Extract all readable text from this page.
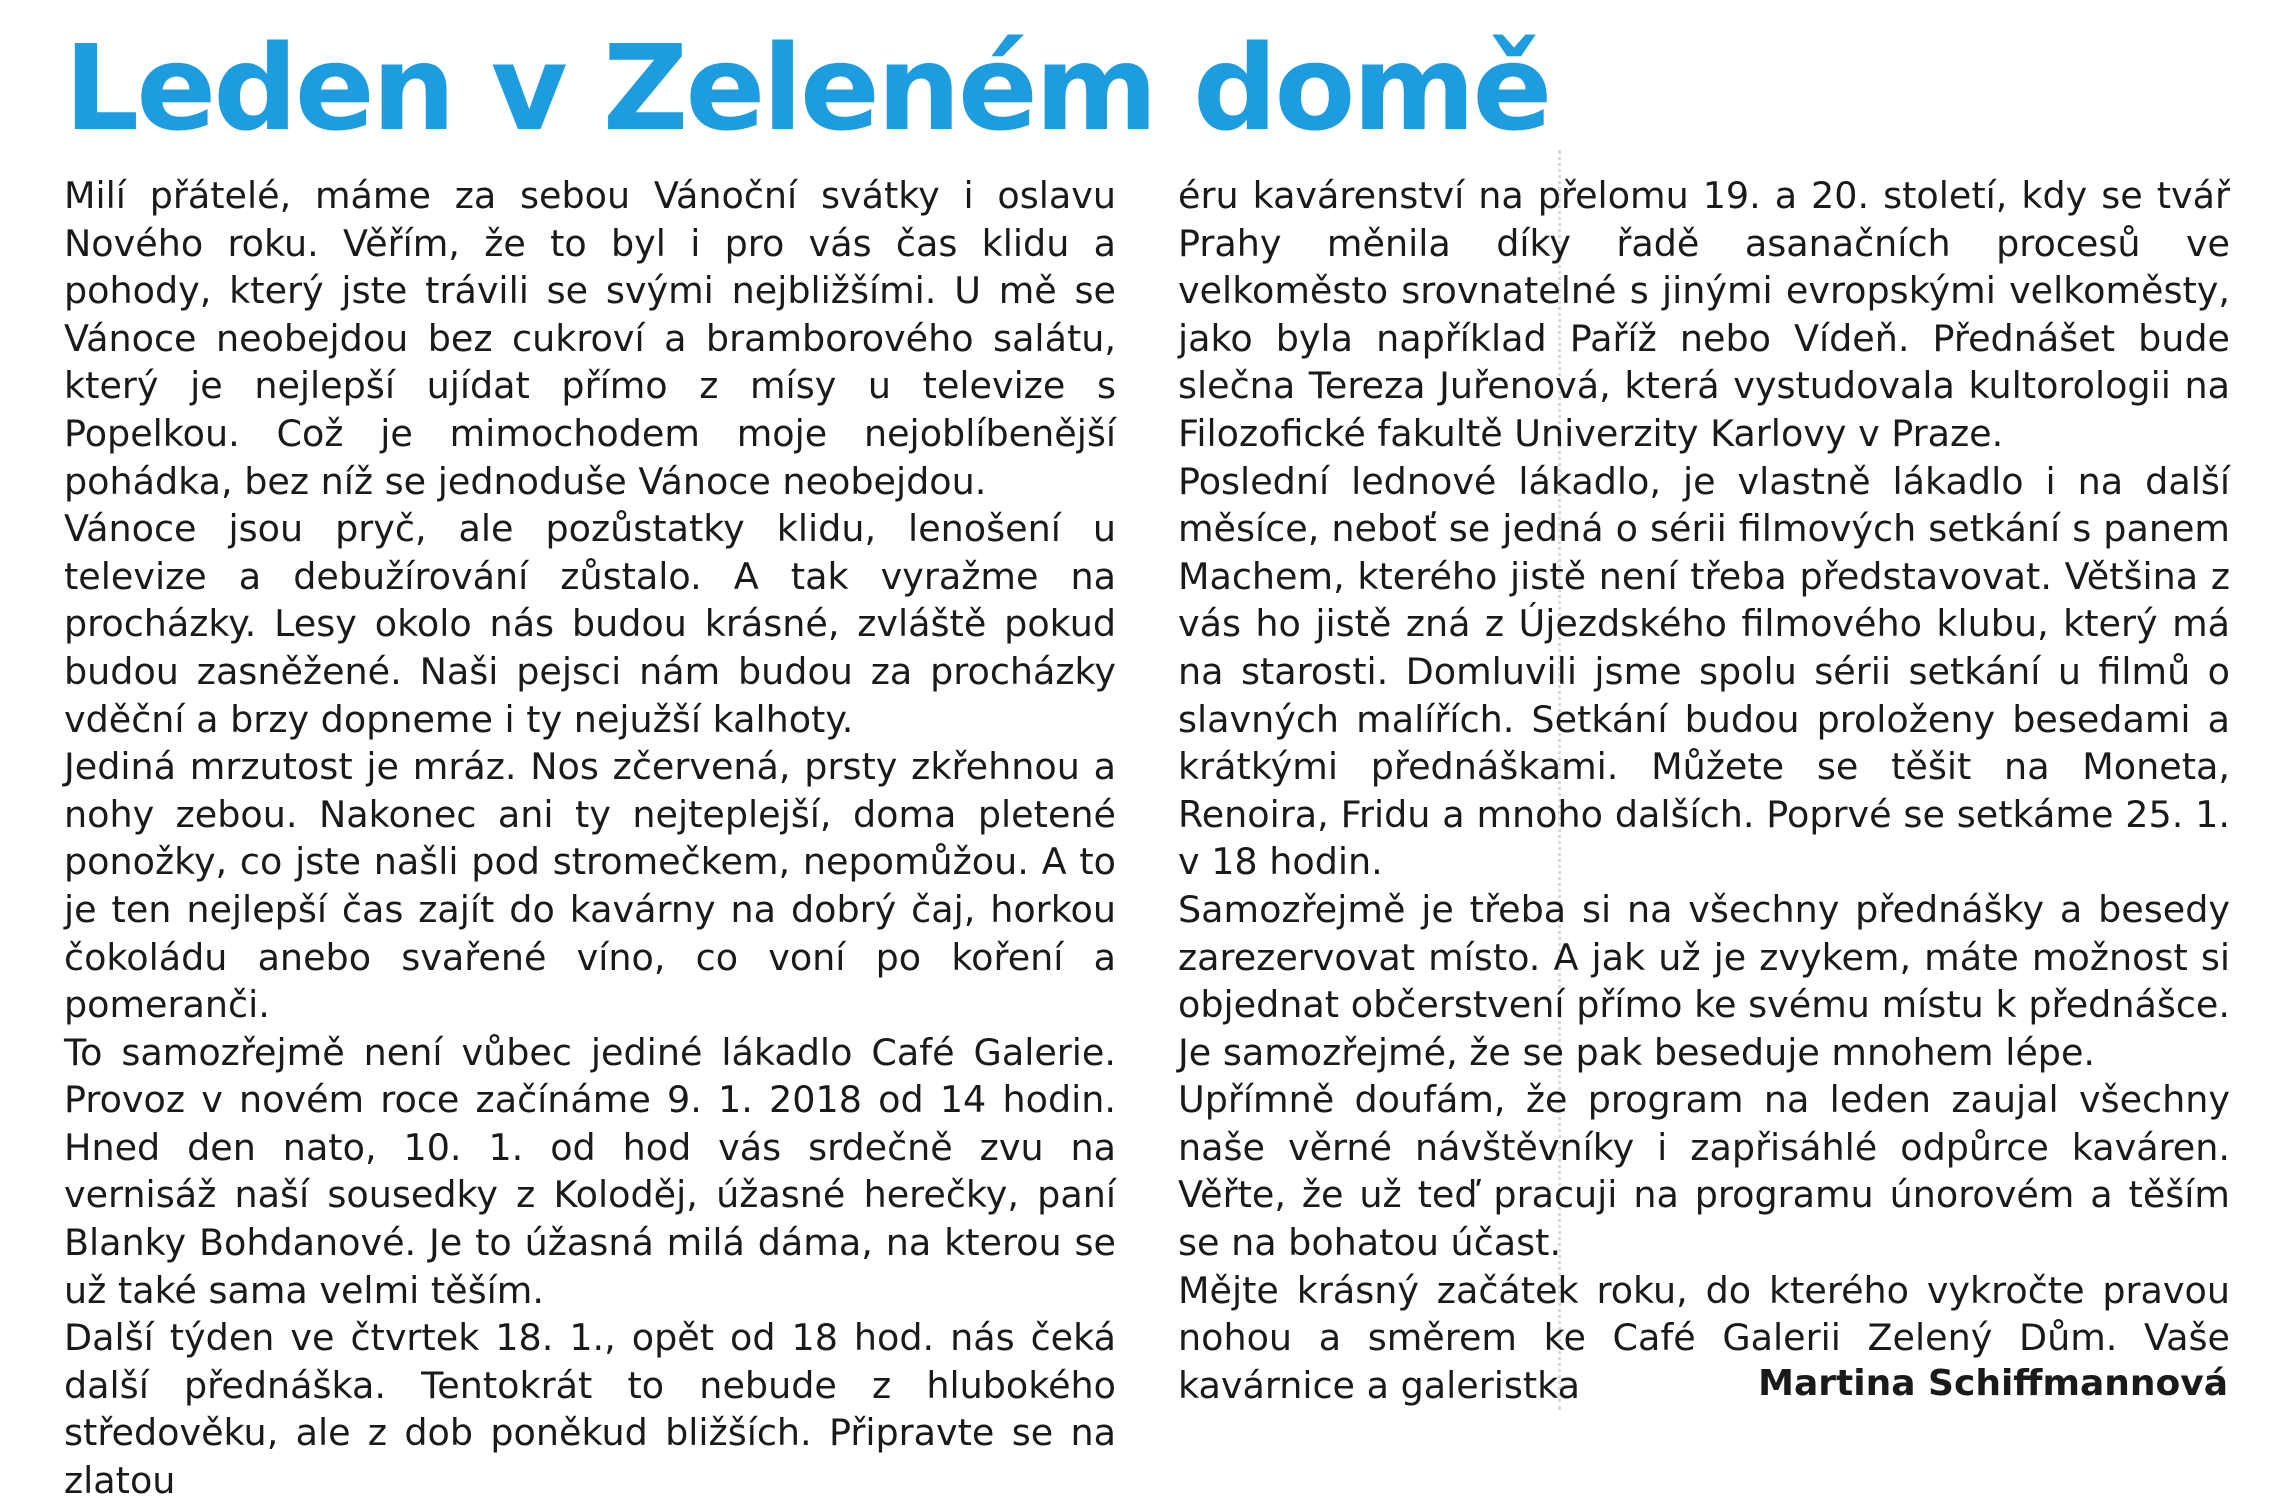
Leden v Zeleném domě

Milí přátelé, máme za sebou Vánoční svátky i oslavu Nového roku. Věřím, že to byl i pro vás čas klidu a pohody, který jste trávili se svými nejbližšími. U mě se Vánoce neobejdou bez cukroví a bramborového salátu, který je nejlepší ujídat přímo z mísy u televize s Popelkou. Což je mimochodem moje nejoblíbenější pohádka, bez níž se jednoduše Vánoce neobejdou.

Vánoce jsou pryč, ale pozůstatky klidu, lenošení u televize a debužírování zůstalo. A tak vyražme na procházky. Lesy okolo nás budou krásné, zvláště pokud budou zasněžené. Naši pejsci nám budou za procházky vděční a brzy dopneme i ty nejužší kalhoty.

Jediná mrzutost je mráz. Nos zčervená, prsty zkřehnou a nohy zebou. Nakonec ani ty nejteplejší, doma pletené ponožky, co jste našli pod stromečkem, nepomůžou. A to je ten nejlepší čas zajít do kavárny na dobrý čaj, horkou čokoládu anebo svařené víno, co voní po koření a pomeranči.

To samozřejmě není vůbec jediné lákadlo Café Galerie. Provoz v novém roce začínáme 9. 1. 2018 od 14 hodin. Hned den nato, 10. 1. od hod vás srdečně zvu na vernisáž naší sousedky z Koloděj, úžasné herečky, paní Blanky Bohdanové. Je to úžasná milá dáma, na kterou se už také sama velmi těším.

Další týden ve čtvrtek 18. 1., opět od 18 hod. nás čeká další přednáška. Tentokrát to nebude z hlubokého středověku, ale z dob poněkud bližších. Připravte se na zlatou

éru kavárenství na přelomu 19. a 20. století, kdy se tvář Prahy měnila díky řadě asanačních procesů ve velkoměsto srovnatelné s jinými evropskými velkoměsty, jako byla například Paříž nebo Vídeň. Přednášet bude slečna Tereza Juřenová, která vystudovala kultorologii na Filozofické fakultě Univerzity Karlovy v Praze.

Poslední lednové lákadlo, je vlastně lákadlo i na další měsíce, neboť se jedná o sérii filmových setkání s panem Machem, kterého jistě není třeba představovat. Většina z vás ho jistě zná z Újezdského filmového klubu, který má na starosti. Domluvili jsme spolu sérii setkání u filmů o slavných malířích. Setkání budou proloženy besedami a krátkými přednáškami. Můžete se těšit na Moneta, Renoira, Fridu a mnoho dalších. Poprvé se setkáme 25. 1. v 18 hodin.

Samozřejmě je třeba si na všechny přednášky a besedy zarezervovat místo. A jak už je zvykem, máte možnost si objednat občerstvení přímo ke svému místu k přednášce. Je samozřejmé, že se pak beseduje mnohem lépe.

Upřímně doufám, že program na leden zaujal všechny naše věrné návštěvníky i zapřisáhlé odpůrce kaváren. Věřte, že už teď pracuji na programu únorovém a těším se na bohatou účast.

Mějte krásný začátek roku, do kterého vykročte pravou nohou a směrem ke Café Galerii Zelený Dům. Vaše kavárnice a galeristka	Martina Schiffmannová
